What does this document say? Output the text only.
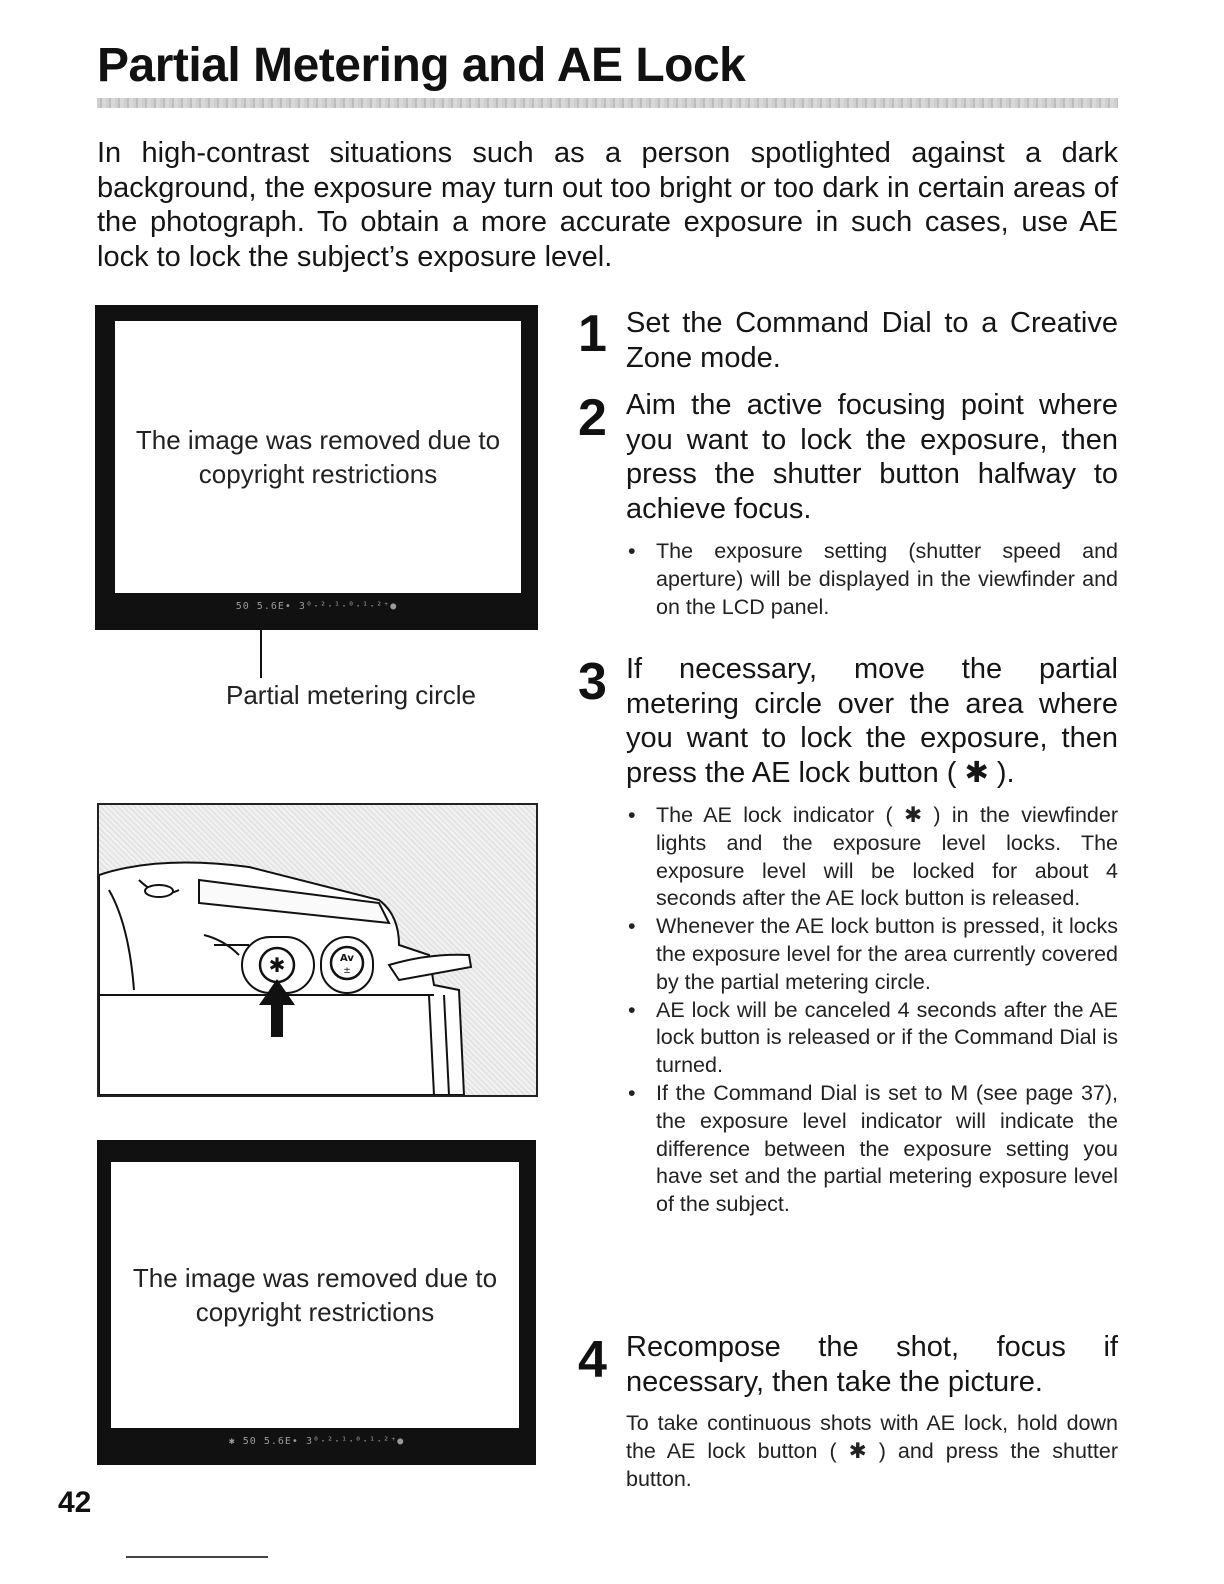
Partial Metering and AE Lock

In high-contrast situations such as a person spotlighted against a dark background, the exposure may turn out too bright or too dark in certain areas of the photograph. To obtain a more accurate exposure in such cases, use AE lock to lock the subject’s exposure level.

The image was removed due to copyright restrictions
50 5.6E• 3⁰·²·¹·⁰·¹·²⁺●
Partial metering circle
✱	Av
±
The image was removed due to copyright restrictions
✱ 50 5.6E• 3⁰·²·¹·⁰·¹·²⁺●
1 Set the Command Dial to a Creative Zone mode.

2 Aim the active focusing point where you want to lock the exposure, then press the shutter button halfway to achieve focus.

• The exposure setting (shutter speed and aperture) will be displayed in the viewfinder and on the LCD panel.
3 If necessary, move the partial metering circle over the area where you want to lock the exposure, then press the AE lock button ( ✱ ).

• The AE lock indicator ( ✱ ) in the viewfinder lights and the exposure level locks. The exposure level will be locked for about 4 seconds after the AE lock button is released.
• Whenever the AE lock button is pressed, it locks the exposure level for the area currently covered by the partial metering circle.
• AE lock will be canceled 4 seconds after the AE lock button is released or if the Command Dial is turned.
• If the Command Dial is set to M (see page 37), the exposure level indicator will indicate the difference between the exposure setting you have set and the partial metering exposure level of the subject.
4 Recompose the shot, focus if necessary, then take the picture.

To take continuous shots with AE lock, hold down the AE lock button ( ✱ ) and press the shutter button.

42
